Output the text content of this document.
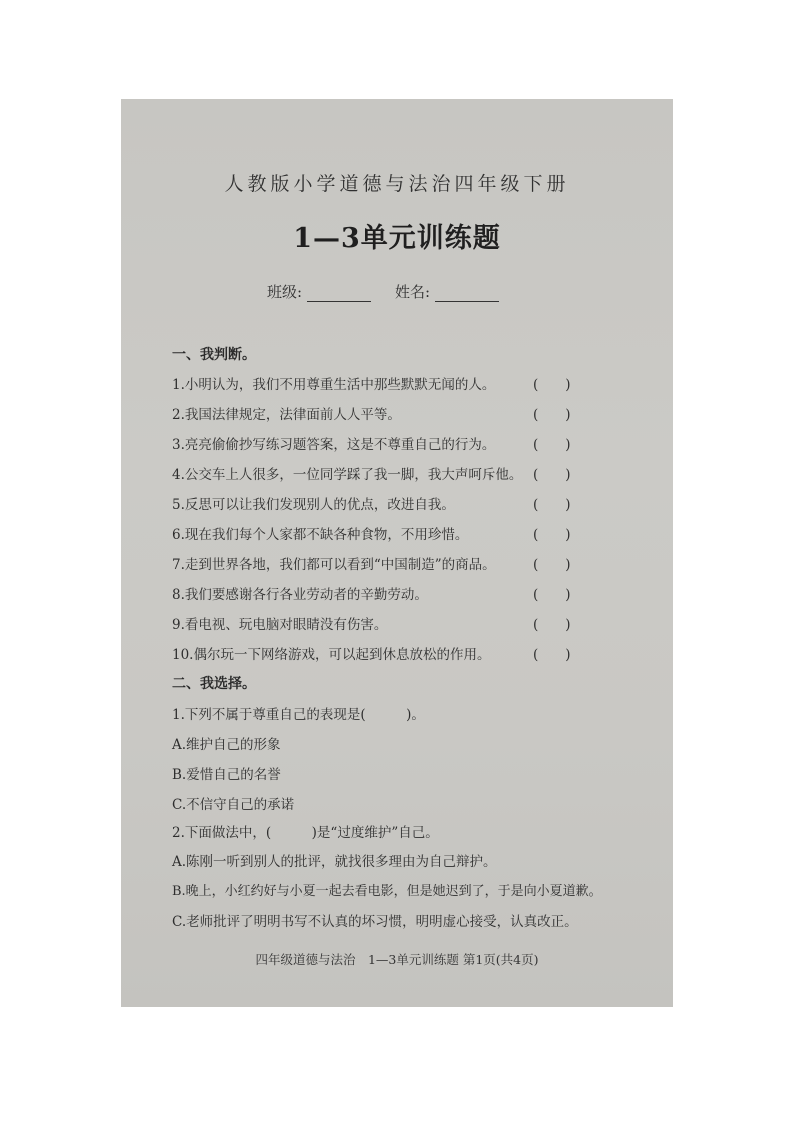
人教版小学道德与法治四年级下册
1—3单元训练题
班级:	姓名:
一、我判断。
1.小明认为，我们不用尊重生活中那些默默无闻的人。	(　　)
2.我国法律规定，法律面前人人平等。	(　　)
3.亮亮偷偷抄写练习题答案，这是不尊重自己的行为。	(　　)
4.公交车上人很多，一位同学踩了我一脚，我大声呵斥他。 (　　)
5.反思可以让我们发现别人的优点，改进自我。	(　　)
6.现在我们每个人家都不缺各种食物，不用珍惜。	(　　)
7.走到世界各地，我们都可以看到“中国制造”的商品。	(　　)
8.我们要感谢各行各业劳动者的辛勤劳动。	(　　)
9.看电视、玩电脑对眼睛没有伤害。	(　　)
10.偶尔玩一下网络游戏，可以起到休息放松的作用。	(　　)
二、我选择。
1.下列不属于尊重自己的表现是(　　　)。
A.维护自己的形象
B.爱惜自己的名誉
C.不信守自己的承诺
2.下面做法中，(　　　)是“过度维护”自己。
A.陈刚一听到别人的批评，就找很多理由为自己辩护。
B.晚上，小红约好与小夏一起去看电影，但是她迟到了，于是向小夏道歉。
C.老师批评了明明书写不认真的坏习惯，明明虚心接受，认真改正。
四年级道德与法治　1—3单元训练题 第1页(共4页)
